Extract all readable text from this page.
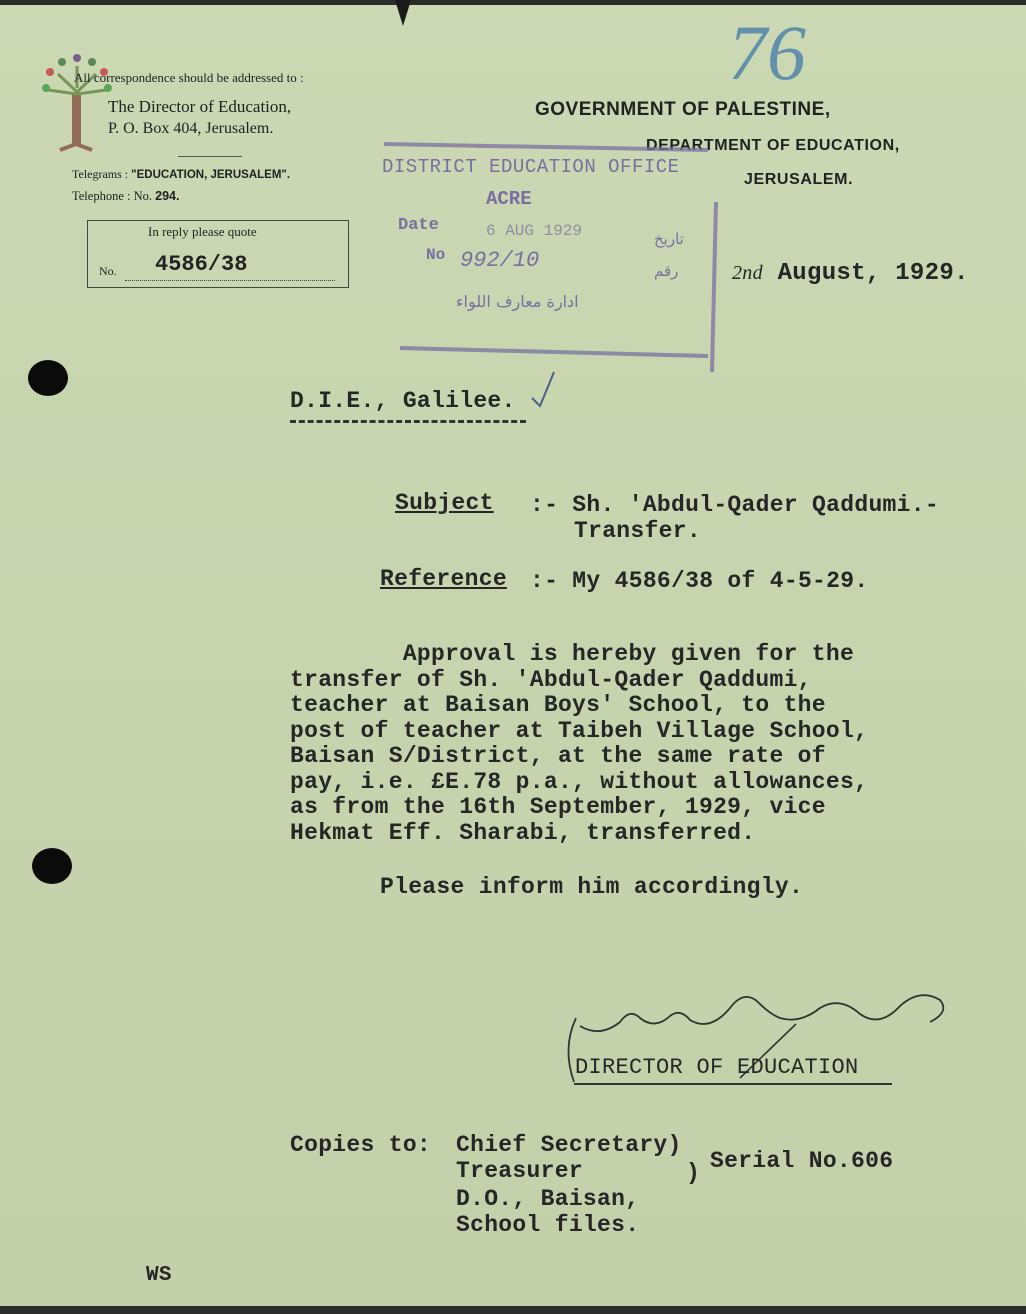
All correspondence should be addressed to :
The Director of Education,
P. O. Box 404, Jerusalem.
Telegrams : "EDUCATION, JERUSALEM".
Telephone : No. 294.
In reply please quote
No. 4586/38
GOVERNMENT OF PALESTINE,
DEPARTMENT OF EDUCATION,
JERUSALEM.
76
DISTRICT EDUCATION OFFICE
ACRE
Date	6 AUG 1929	تاريخ
No 992/10	رقم
ادارة معارف اللواء
2nd August, 1929.
D.I.E., Galilee.
Subject :- Sh. 'Abdul-Qader Qaddumi.-
Transfer.
Reference :- My 4586/38 of 4-5-29.
Approval is hereby given for the
transfer of Sh. 'Abdul-Qader Qaddumi,
teacher at Baisan Boys' School, to the
post of teacher at Taibeh Village School,
Baisan S/District, at the same rate of
pay, i.e. £E.78 p.a., without allowances,
as from the 16th September, 1929, vice
Hekmat Eff. Sharabi, transferred.
Please inform him accordingly.
DIRECTOR OF EDUCATION
Copies to: Chief Secretary)
Treasurer	)
D.O., Baisan,
School files.
Serial No.606
WS
